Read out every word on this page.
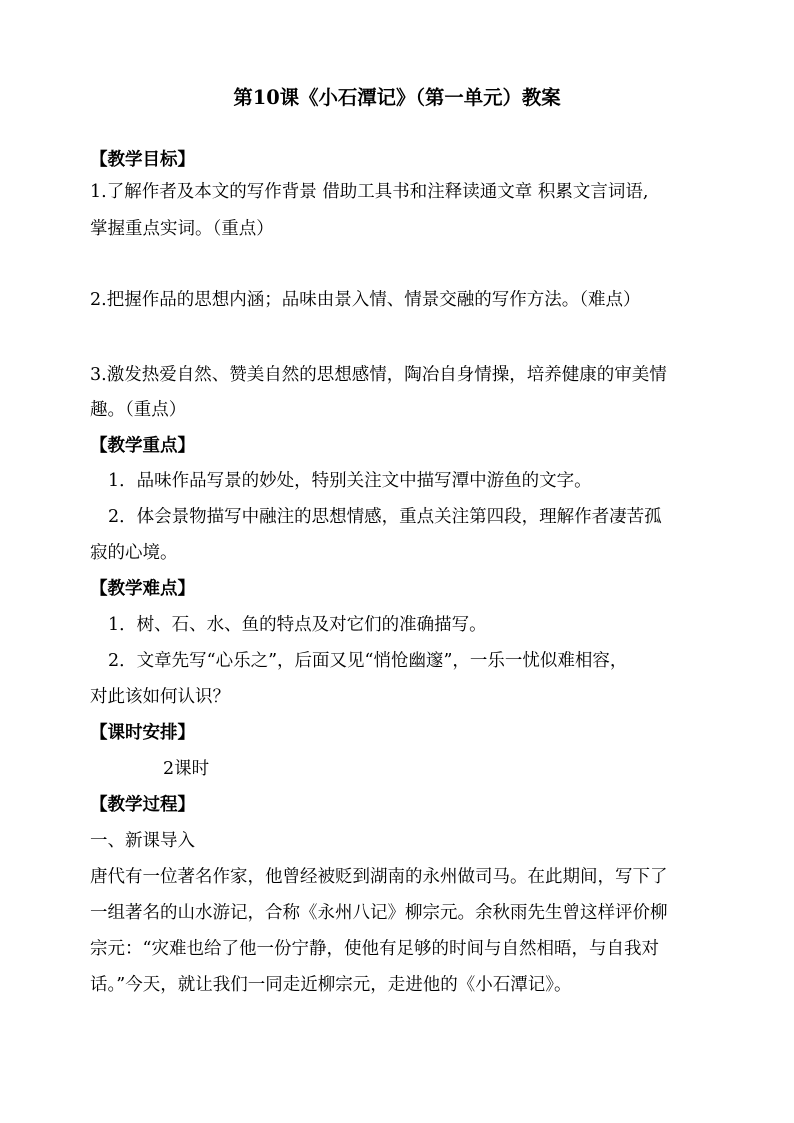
第10课《小石潭记》（第一单元）教案
【教学目标】
1.了解作者及本文的写作背景 借助工具书和注释读通文章 积累文言词语,
掌握重点实词。（重点）
2.把握作品的思想内涵；品味由景入情、情景交融的写作方法。（难点）
3.激发热爱自然、赞美自然的思想感情，陶冶自身情操，培养健康的审美情
趣。（重点）
【教学重点】
1．品味作品写景的妙处，特别关注文中描写潭中游鱼的文字。
2．体会景物描写中融注的思想情感，重点关注第四段，理解作者凄苦孤
寂的心境。
【教学难点】
1．树、石、水、鱼的特点及对它们的准确描写。
2．文章先写“心乐之”，后面又见“悄怆幽邃”，一乐一忧似难相容，
对此该如何认识？
【课时安排】
2课时
【教学过程】
一、新课导入
唐代有一位著名作家，他曾经被贬到湖南的永州做司马。在此期间，写下了
一组著名的山水游记，合称《永州八记》柳宗元。余秋雨先生曾这样评价柳
宗元：“灾难也给了他一份宁静，使他有足够的时间与自然相晤，与自我对
话。”今天，就让我们一同走近柳宗元，走进他的《小石潭记》。
